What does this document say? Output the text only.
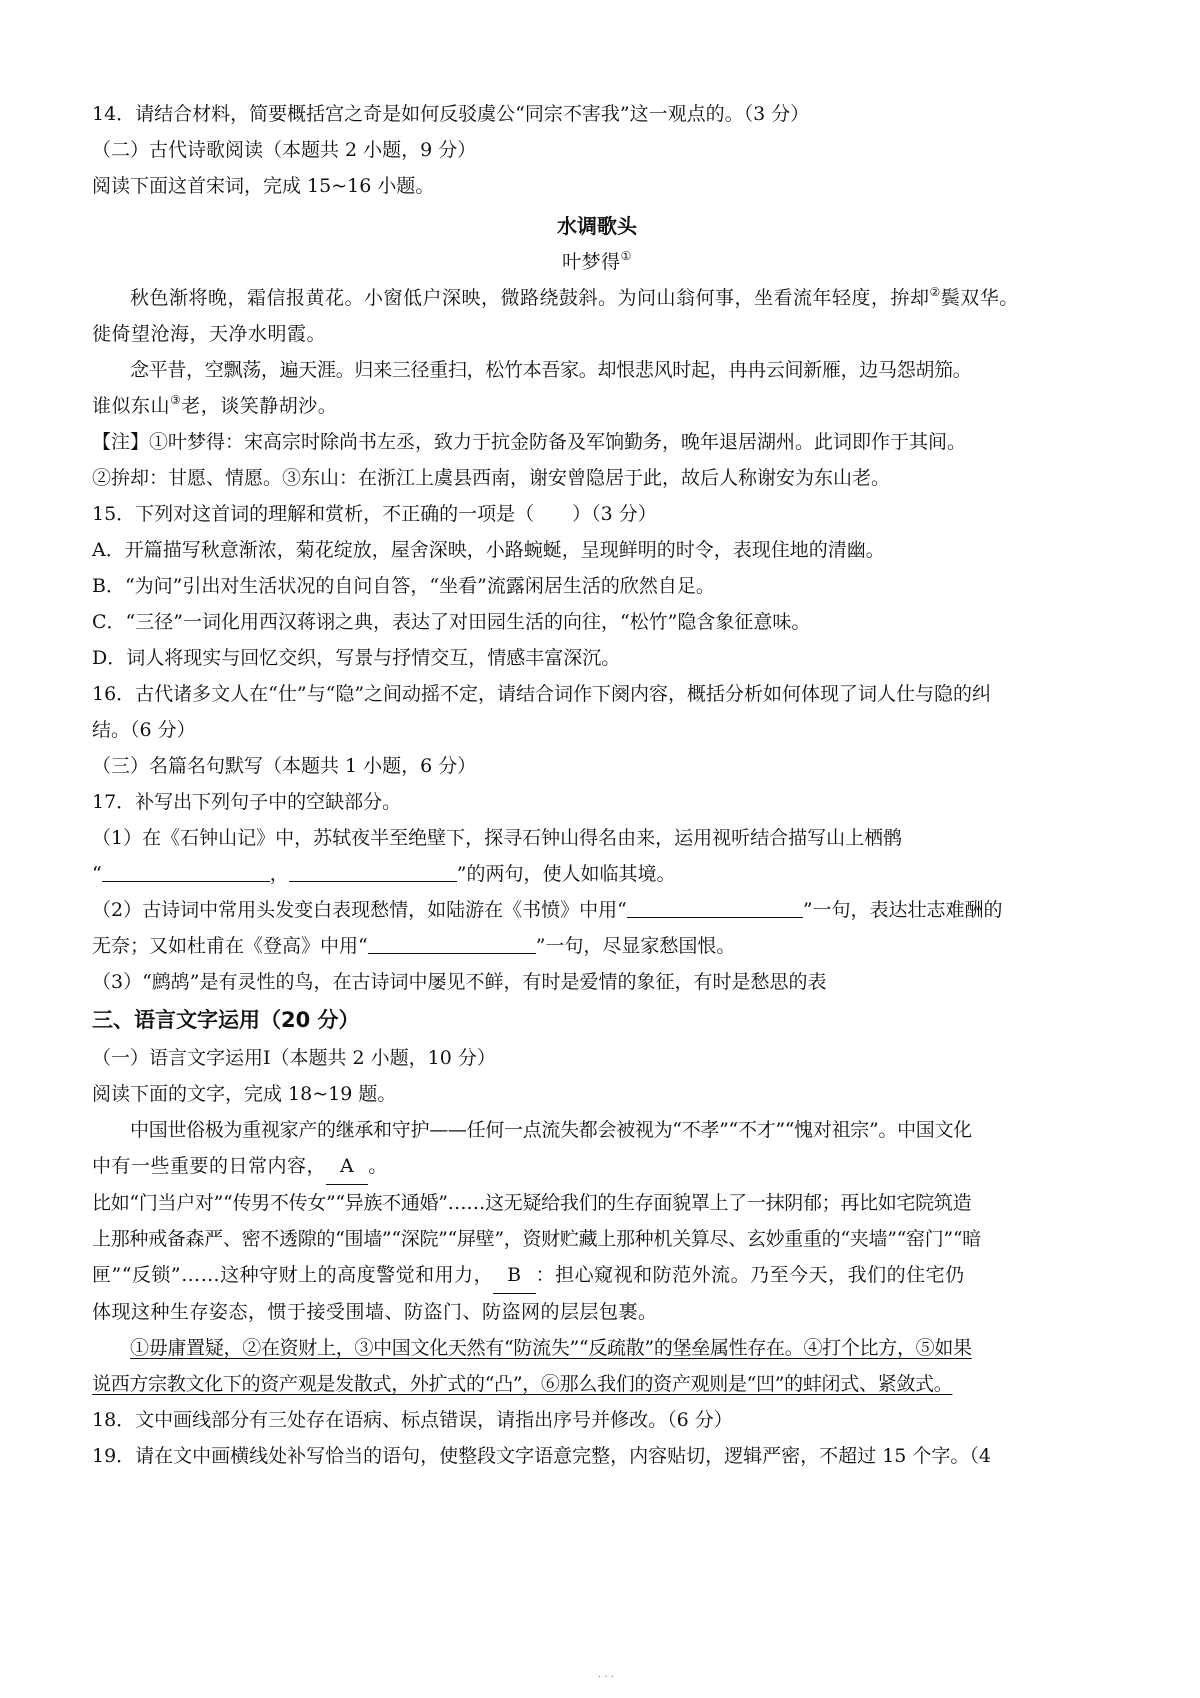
14．请结合材料，简要概括宫之奇是如何反驳虞公“同宗不害我”这一观点的。（3 分）

（二）古代诗歌阅读（本题共 2 小题，9 分）

阅读下面这首宋词，完成 15~16 小题。

水调歌头

叶梦得①

秋色渐将晚，霜信报黄花。小窗低户深映，微路绕鼓斜。为问山翁何事，坐看流年轻度，拚却②鬓双华。

徙倚望沧海，天净水明霞。

念平昔，空飘荡，遍天涯。归来三径重扫，松竹本吾家。却恨悲风时起，冉冉云间新雁，边马怨胡笳。

谁似东山③老，谈笑静胡沙。

【注】①叶梦得：宋高宗时除尚书左丞，致力于抗金防备及军饷勤务，晚年退居湖州。此词即作于其间。

②拚却：甘愿、情愿。③东山：在浙江上虞县西南，谢安曾隐居于此，故后人称谢安为东山老。

15．下列对这首词的理解和赏析，不正确的一项是（　　）（3 分）

A．开篇描写秋意渐浓，菊花绽放，屋舍深映，小路蜿蜒，呈现鲜明的时令，表现住地的清幽。

B．“为问”引出对生活状况的自问自答，“坐看”流露闲居生活的欣然自足。

C．“三径”一词化用西汉蒋诩之典，表达了对田园生活的向往，“松竹”隐含象征意味。

D．词人将现实与回忆交织，写景与抒情交互，情感丰富深沉。

16．古代诸多文人在“仕”与“隐”之间动摇不定，请结合词作下阕内容，概括分析如何体现了词人仕与隐的纠

结。（6 分）

（三）名篇名句默写（本题共 1 小题，6 分）

17．补写出下列句子中的空缺部分。

（1）在《石钟山记》中，苏轼夜半至绝壁下，探寻石钟山得名由来，运用视听结合描写山上栖鹘

“	，	”的两句，使人如临其境。

（2）古诗词中常用头发变白表现愁情，如陆游在《书愤》中用“	”一句，表达壮志难酬的

无奈；又如杜甫在《登高》中用“	”一句，尽显家愁国恨。

（3）“鹧鸪”是有灵性的鸟，在古诗词中屡见不鲜，有时是爱情的象征，有时是愁思的表

三、语言文字运用（20 分）

（一）语言文字运用Ⅰ（本题共 2 小题，10 分）

阅读下面的文字，完成 18~19 题。

中国世俗极为重视家产的继承和守护——任何一点流失都会被视为“不孝”“不才”“愧对祖宗”。中国文化

中有一些重要的日常内容， A 。

比如“门当户对”“传男不传女”“异族不通婚”……这无疑给我们的生存面貌罩上了一抹阴郁；再比如宅院筑造

上那种戒备森严、密不透隙的“围墙”“深院”“屏壁”，资财贮藏上那种机关算尽、玄妙重重的“夹墙”“窑门”“暗

匣”“反锁”……这种守财上的高度警觉和用力， B ：担心窥视和防范外流。乃至今天，我们的住宅仍

体现这种生存姿态，惯于接受围墙、防盗门、防盗网的层层包裹。

①毋庸置疑，②在资财上，③中国文化天然有“防流失”“反疏散”的堡垒属性存在。④打个比方，⑤如果

说西方宗教文化下的资产观是发散式，外扩式的“凸”，⑥那么我们的资产观则是“凹”的蚌闭式、紧敛式。

18．文中画线部分有三处存在语病、标点错误，请指出序号并修改。（6 分）

19．请在文中画横线处补写恰当的语句，使整段文字语意完整，内容贴切，逻辑严密，不超过 15 个字。（4

· · ·
